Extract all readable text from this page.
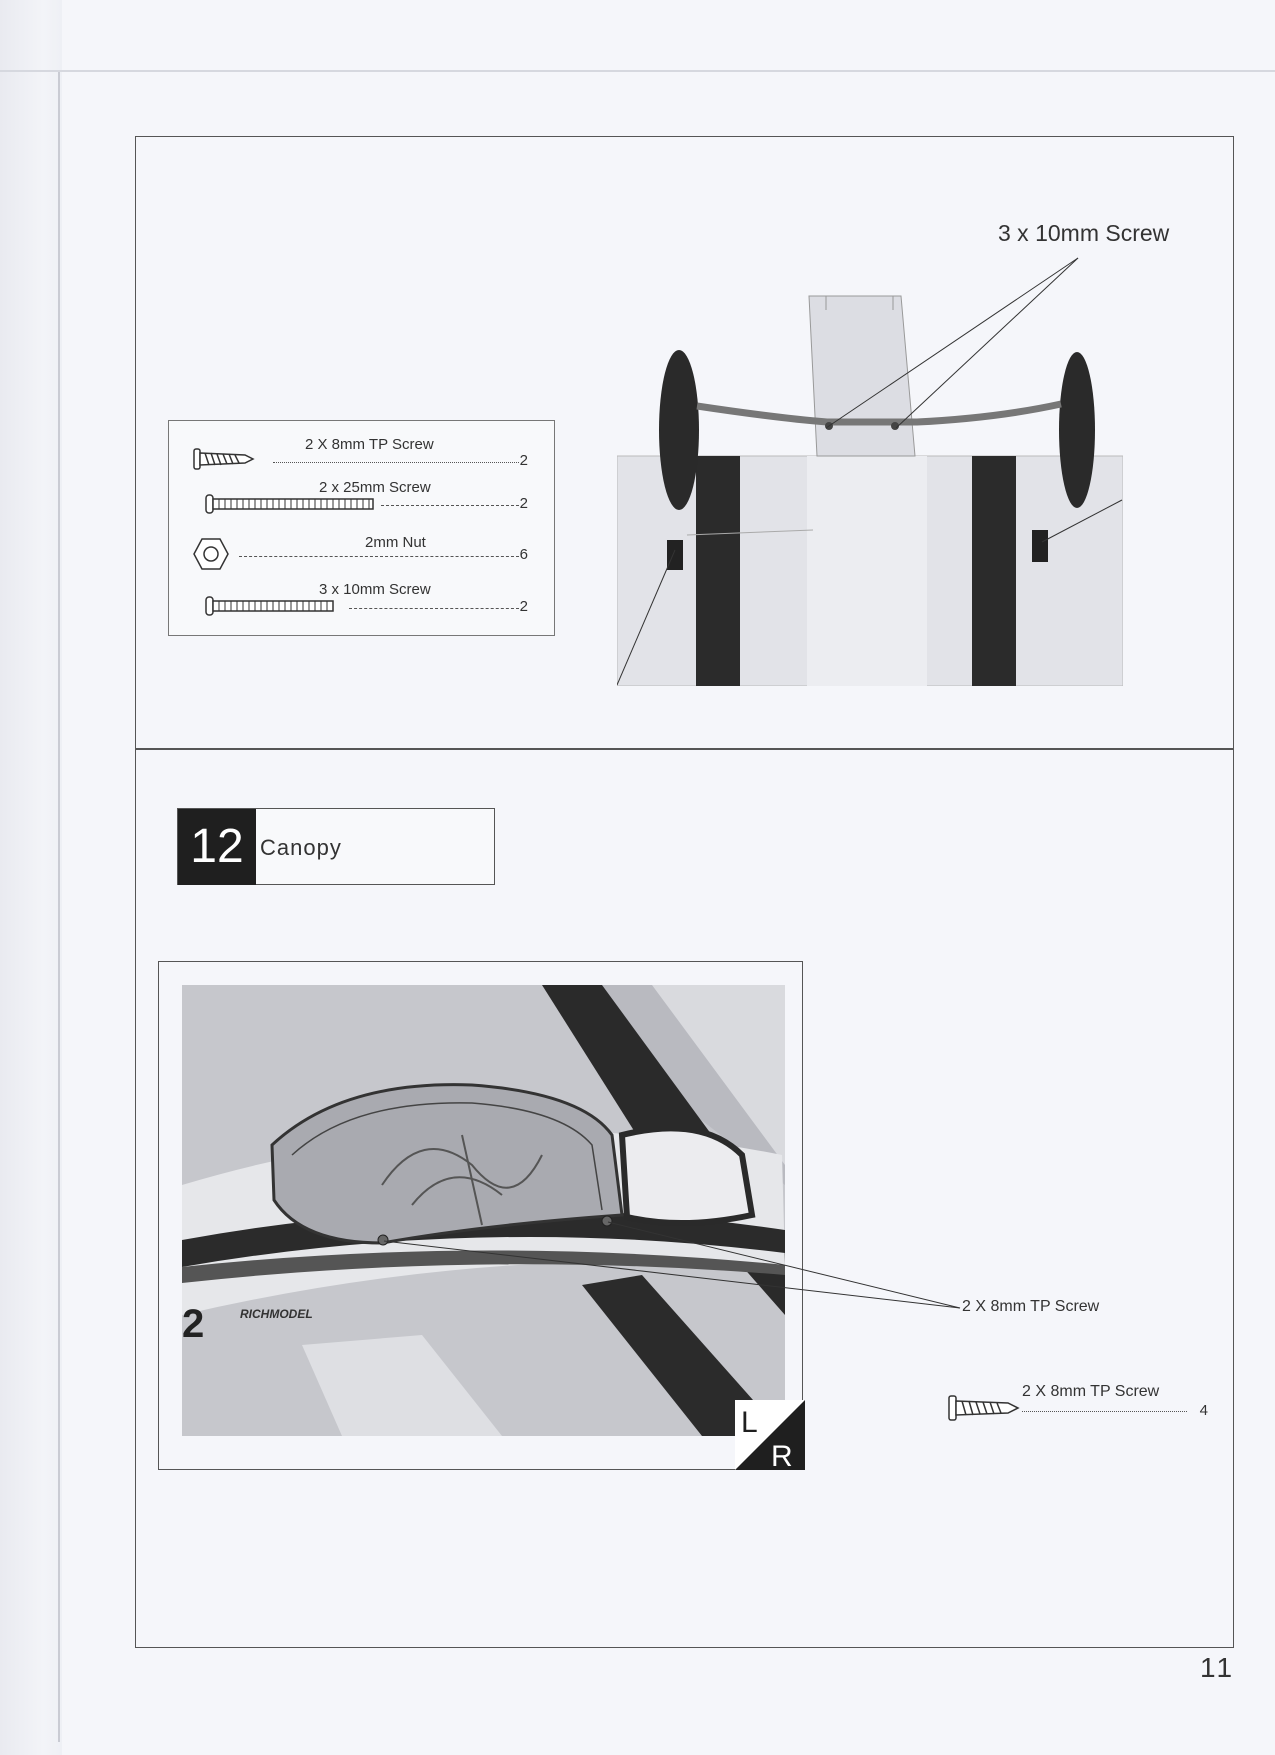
2 X 8mm TP Screw
2
2 x 25mm Screw
2
2mm Nut
6
3 x 10mm Screw
2
3 x 10mm Screw
12 Canopy
2	RICHMODEL
L
R
2 X 8mm TP Screw
2 X 8mm TP Screw
4
11
